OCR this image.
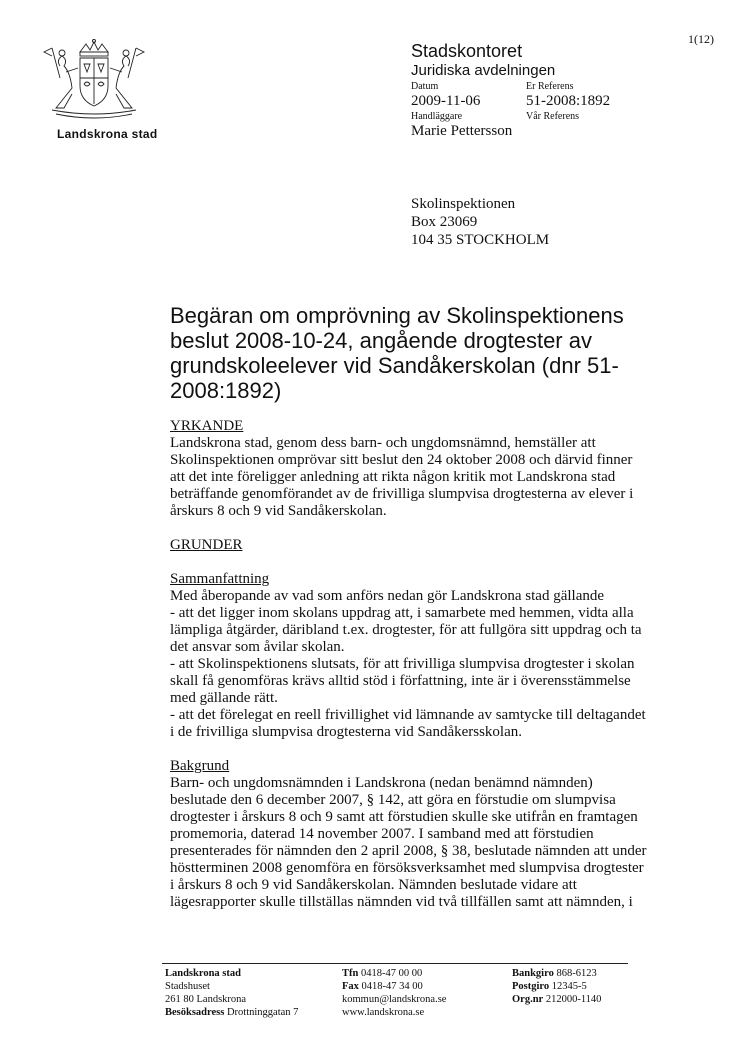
1(12)
Landskrona stad
Stadskontoret
Juridiska avdelningen
Datum	Er Referens
2009-11-06	51-2008:1892
Handläggare	Vår Referens
Marie Pettersson
Skolinspektionen
Box 23069
104 35 STOCKHOLM
Begäran om omprövning av Skolinspektionens
beslut 2008-10-24, angående drogtester av
grundskoleelever vid Sandåkerskolan (dnr 51-
2008:1892)
YRKANDE
Landskrona stad, genom dess barn- och ungdomsnämnd, hemställer att
Skolinspektionen omprövar sitt beslut den 24 oktober 2008 och därvid finner
att det inte föreligger anledning att rikta någon kritik mot Landskrona stad
beträffande genomförandet av de frivilliga slumpvisa drogtesterna av elever i
årskurs 8 och 9 vid Sandåkerskolan.
GRUNDER
Sammanfattning
Med åberopande av vad som anförs nedan gör Landskrona stad gällande
- att det ligger inom skolans uppdrag att, i samarbete med hemmen, vidta alla
lämpliga åtgärder, däribland t.ex. drogtester, för att fullgöra sitt uppdrag och ta
det ansvar som åvilar skolan.
- att Skolinspektionens slutsats, för att frivilliga slumpvisa drogtester i skolan
skall få genomföras krävs alltid stöd i författning, inte är i överensstämmelse
med gällande rätt.
- att det förelegat en reell frivillighet vid lämnande av samtycke till deltagandet
i de frivilliga slumpvisa drogtesterna vid Sandåkersskolan.
Bakgrund
Barn- och ungdomsnämnden i Landskrona (nedan benämnd nämnden)
beslutade den 6 december 2007, § 142, att göra en förstudie om slumpvisa
drogtester i årskurs 8 och 9 samt att förstudien skulle ske utifrån en framtagen
promemoria, daterad 14 november 2007. I samband med att förstudien
presenterades för nämnden den 2 april 2008, § 38, beslutade nämnden att under
höstterminen 2008 genomföra en försöksverksamhet med slumpvisa drogtester
i årskurs 8 och 9 vid Sandåkerskolan. Nämnden beslutade vidare att
lägesrapporter skulle tillställas nämnden vid två tillfällen samt att nämnden, i
Landskrona stad
Stadshuset
261 80 Landskrona
Besöksadress Drottninggatan 7
Tfn 0418-47 00 00
Fax 0418-47 34 00
kommun@landskrona.se
www.landskrona.se
Bankgiro 868-6123
Postgiro 12345-5
Org.nr 212000-1140
